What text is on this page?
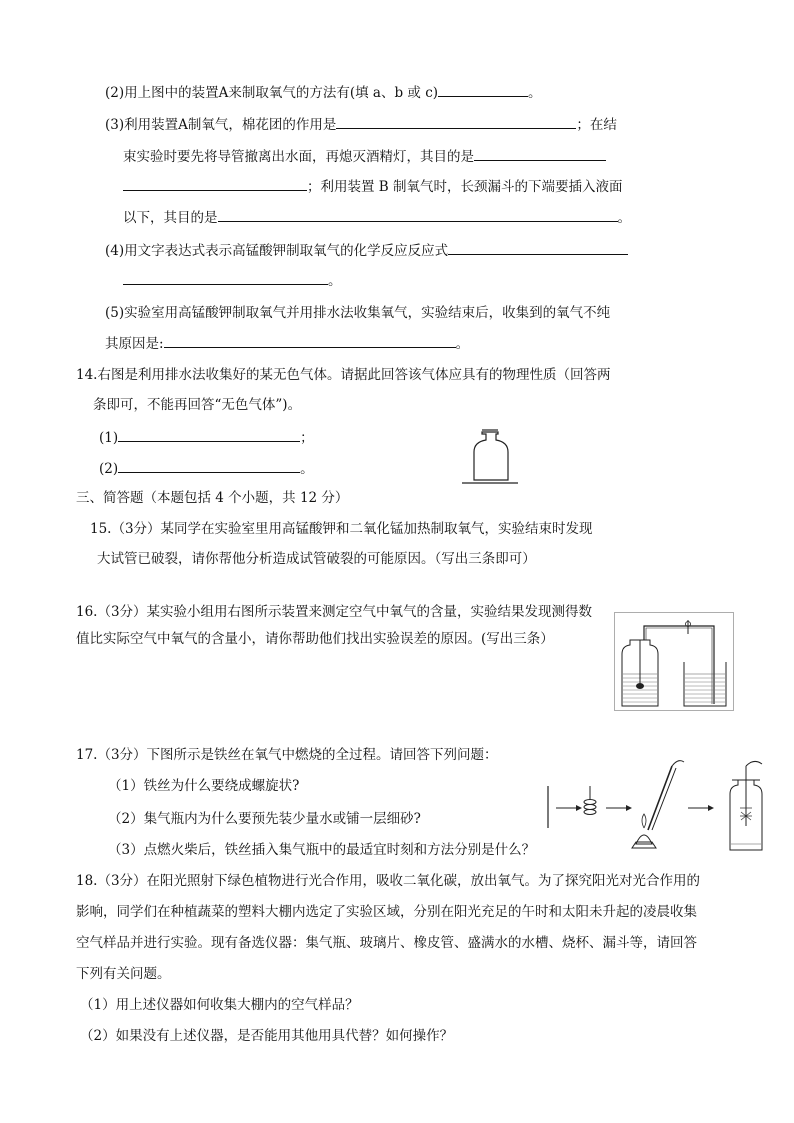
(2)用上图中的装置A来制取氧气的方法有(填 a、b 或 c)	。
(3)利用装置A制氧气，棉花团的作用是	；在结
束实验时要先将导管撤离出水面，再熄灭酒精灯，其目的是
；利用装置 B 制氧气时，长颈漏斗的下端要插入液面
以下，其目的是	。
(4)用文字表达式表示高锰酸钾制取氧气的化学反应反应式
。
(5)实验室用高锰酸钾制取氧气并用排水法收集氧气，实验结束后，收集到的氧气不纯
其原因是:	。
14.右图是利用排水法收集好的某无色气体。请据此回答该气体应具有的物理性质（回答两
条即可，不能再回答“无色气体”)。
(1)	；
(2)	。
三、简答题（本题包括 4 个小题，共 12 分）
15.（3分）某同学在实验室里用高锰酸钾和二氧化锰加热制取氧气，实验结束时发现
大试管已破裂，请你帮他分析造成试管破裂的可能原因。（写出三条即可）
16.（3分）某实验小组用右图所示装置来测定空气中氧气的含量，实验结果发现测得数
值比实际空气中氧气的含量小，请你帮助他们找出实验误差的原因。(写出三条）
17.（3分）下图所示是铁丝在氧气中燃烧的全过程。请回答下列问题：
（1）铁丝为什么要绕成螺旋状?
（2）集气瓶内为什么要预先装少量水或铺一层细砂?
（3）点燃火柴后，铁丝插入集气瓶中的最适宜时刻和方法分别是什么？
18.（3分）在阳光照射下绿色植物进行光合作用，吸收二氧化碳，放出氧气。为了探究阳光对光合作用的
影响，同学们在种植蔬菜的塑料大棚内选定了实验区域，分别在阳光充足的午时和太阳未升起的凌晨收集
空气样品并进行实验。现有备选仪器：集气瓶、玻璃片、橡皮管、盛满水的水槽、烧杯、漏斗等，请回答
下列有关问题。
（1）用上述仪器如何收集大棚内的空气样品？
（2）如果没有上述仪器，是否能用其他用具代替？如何操作？
